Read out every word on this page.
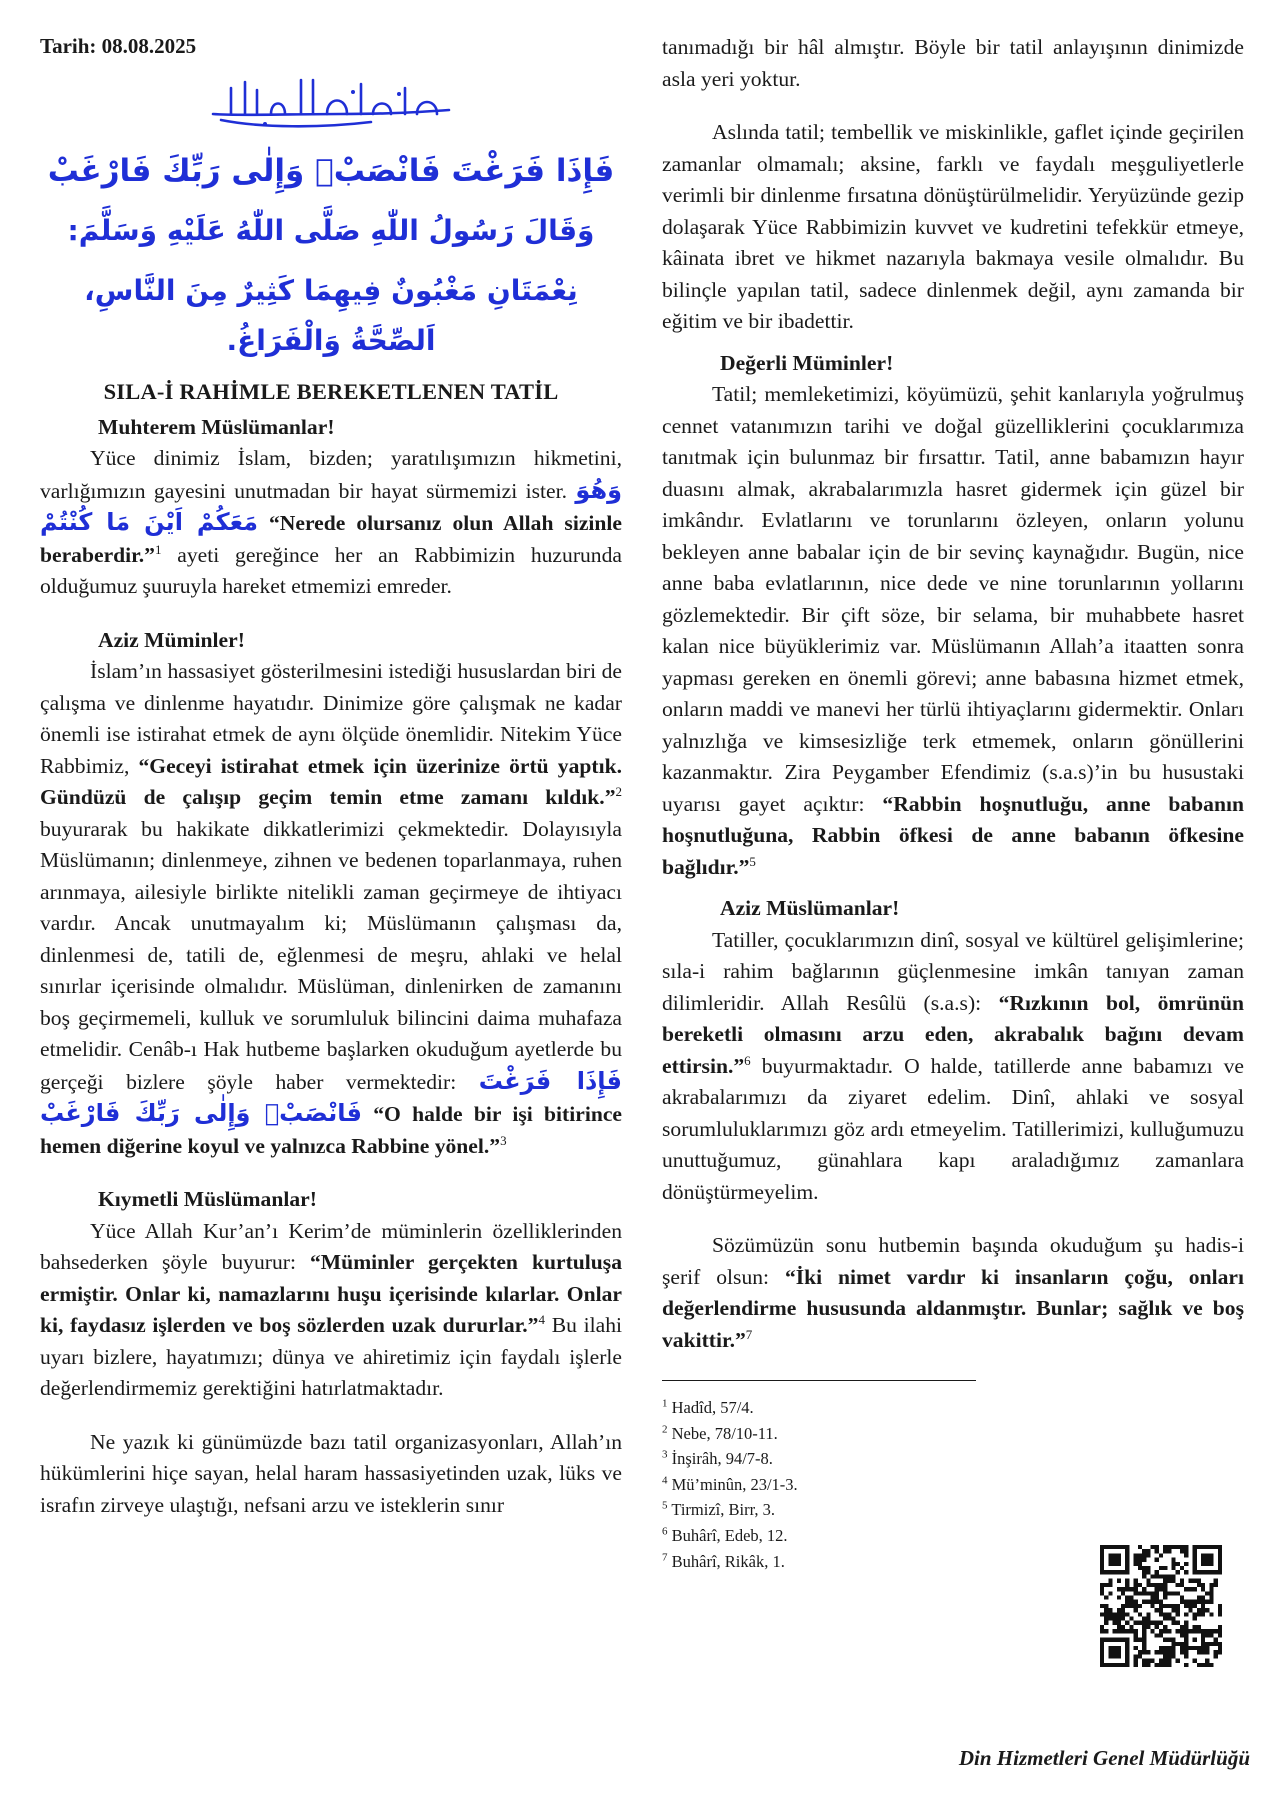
Tarih: 08.08.2025

فَإِذَا فَرَغْتَ فَانْصَبْۙ وَإِلٰى رَبِّكَ فَارْغَبْ
وَقَالَ رَسُولُ اللّٰهِ صَلَّى اللّٰهُ عَلَيْهِ وَسَلَّمَ:
نِعْمَتَانِ مَغْبُونٌ فِيهِمَا كَثِيرٌ مِنَ النَّاسِ، اَلصِّحَّةُ وَالْفَرَاغُ.

SILA-İ RAHİMLE BEREKETLENEN TATİL

Muhterem Müslümanlar!

Yüce dinimiz İslam, bizden; yaratılışımızın hikmetini, varlığımızın gayesini unutmadan bir hayat sürmemizi ister. وَهُوَ مَعَكُمْ اَيْنَ مَا كُنْتُمْ “Nerede olursanız olun Allah sizinle beraberdir.”$^1$ ayeti gereğince her an Rabbimizin huzurunda olduğumuz şuuruyla hareket etmemizi emreder.

Aziz Müminler!

İslam’ın hassasiyet gösterilmesini istediği hususlardan biri de çalışma ve dinlenme hayatıdır. Dinimize göre çalışmak ne kadar önemli ise istirahat etmek de aynı ölçüde önemlidir. Nitekim Yüce Rabbimiz, “Geceyi istirahat etmek için üzerinize örtü yaptık. Gündüzü de çalışıp geçim temin etme zamanı kıldık.”$^2$ buyurarak bu hakikate dikkatlerimizi çekmektedir. Dolayısıyla Müslümanın; dinlenmeye, zihnen ve bedenen toparlanmaya, ruhen arınmaya, ailesiyle birlikte nitelikli zaman geçirmeye de ihtiyacı vardır. Ancak unutmayalım ki; Müslümanın çalışması da, dinlenmesi de, tatili de, eğlenmesi de meşru, ahlaki ve helal sınırlar içerisinde olmalıdır. Müslüman, dinlenirken de zamanını boş geçirmemeli, kulluk ve sorumluluk bilincini daima muhafaza etmelidir. Cenâb-ı Hak hutbeme başlarken okuduğum ayetlerde bu gerçeği bizlere şöyle haber vermektedir: فَإِذَا فَرَغْتَ فَانْصَبْۙ وَإِلٰى رَبِّكَ فَارْغَبْ “O halde bir işi bitirince hemen diğerine koyul ve yalnızca Rabbine yönel.”$^3$

Kıymetli Müslümanlar!

Yüce Allah Kur’an’ı Kerim’de müminlerin özelliklerinden bahsederken şöyle buyurur: “Müminler gerçekten kurtuluşa ermiştir. Onlar ki, namazlarını huşu içerisinde kılarlar. Onlar ki, faydasız işlerden ve boş sözlerden uzak dururlar.”$^4$ Bu ilahi uyarı bizlere, hayatımızı; dünya ve ahiretimiz için faydalı işlerle değerlendirmemiz gerektiğini hatırlatmaktadır.

Ne yazık ki günümüzde bazı tatil organizasyonları, Allah’ın hükümlerini hiçe sayan, helal haram hassasiyetinden uzak, lüks ve israfın zirveye ulaştığı, nefsani arzu ve isteklerin sınır

tanımadığı bir hâl almıştır. Böyle bir tatil anlayışının dinimizde asla yeri yoktur.

Aslında tatil; tembellik ve miskinlikle, gaflet içinde geçirilen zamanlar olmamalı; aksine, farklı ve faydalı meşguliyetlerle verimli bir dinlenme fırsatına dönüştürülmelidir. Yeryüzünde gezip dolaşarak Yüce Rabbimizin kuvvet ve kudretini tefekkür etmeye, kâinata ibret ve hikmet nazarıyla bakmaya vesile olmalıdır. Bu bilinçle yapılan tatil, sadece dinlenmek değil, aynı zamanda bir eğitim ve bir ibadettir.

Değerli Müminler!

Tatil; memleketimizi, köyümüzü, şehit kanlarıyla yoğrulmuş cennet vatanımızın tarihi ve doğal güzelliklerini çocuklarımıza tanıtmak için bulunmaz bir fırsattır. Tatil, anne babamızın hayır duasını almak, akrabalarımızla hasret gidermek için güzel bir imkândır. Evlatlarını ve torunlarını özleyen, onların yolunu bekleyen anne babalar için de bir sevinç kaynağıdır. Bugün, nice anne baba evlatlarının, nice dede ve nine torunlarının yollarını gözlemektedir. Bir çift söze, bir selama, bir muhabbete hasret kalan nice büyüklerimiz var. Müslümanın Allah’a itaatten sonra yapması gereken en önemli görevi; anne babasına hizmet etmek, onların maddi ve manevi her türlü ihtiyaçlarını gidermektir. Onları yalnızlığa ve kimsesizliğe terk etmemek, onların gönüllerini kazanmaktır. Zira Peygamber Efendimiz (s.a.s)’in bu husustaki uyarısı gayet açıktır: “Rabbin hoşnutluğu, anne babanın hoşnutluğuna, Rabbin öfkesi de anne babanın öfkesine bağlıdır.”$^5$

Aziz Müslümanlar!

Tatiller, çocuklarımızın dinî, sosyal ve kültürel gelişimlerine; sıla-i rahim bağlarının güçlenmesine imkân tanıyan zaman dilimleridir. Allah Resûlü (s.a.s): “Rızkının bol, ömrünün bereketli olmasını arzu eden, akrabalık bağını devam ettirsin.”$^6$ buyurmaktadır. O halde, tatillerde anne babamızı ve akrabalarımızı da ziyaret edelim. Dinî, ahlaki ve sosyal sorumluluklarımızı göz ardı etmeyelim. Tatillerimizi, kulluğumuzu unuttuğumuz, günahlara kapı araladığımız zamanlara dönüştürmeyelim.

Sözümüzün sonu hutbemin başında okuduğum şu hadis-i şerif olsun: “İki nimet vardır ki insanların çoğu, onları değerlendirme hususunda aldanmıştır. Bunlar; sağlık ve boş vakittir.”$^7$

$^1$ Hadîd, 57/4.
$^2$ Nebe, 78/10-11.
$^3$ İnşirâh, 94/7-8.
$^4$ Mü’minûn, 23/1-3.
$^5$ Tirmizî, Birr, 3.
$^6$ Buhârî, Edeb, 12.
$^7$ Buhârî, Rikâk, 1.
Din Hizmetleri Genel Müdürlüğü
